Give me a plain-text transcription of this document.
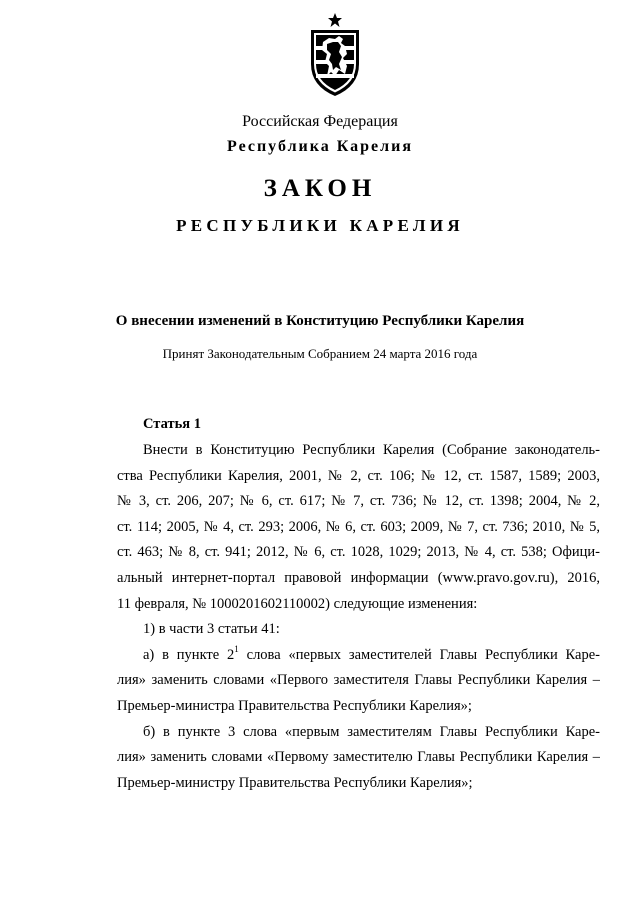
Российская Федерация
Республика Карелия
ЗАКОН
РЕСПУБЛИКИ КАРЕЛИЯ
О внесении изменений в Конституцию Республики Карелия
Принят Законодательным Собранием 24 марта 2016 года
Статья 1
Внести в Конституцию Республики Карелия (Собрание законодатель-
ства Республики Карелия, 2001, № 2, ст. 106; № 12, ст. 1587, 1589; 2003,
№ 3, ст. 206, 207; № 6, ст. 617; № 7, ст. 736; № 12, ст. 1398; 2004, № 2,
ст. 114; 2005, № 4, ст. 293; 2006, № 6, ст. 603; 2009, № 7, ст. 736; 2010, № 5,
ст. 463; № 8, ст. 941; 2012, № 6, ст. 1028, 1029; 2013, № 4, ст. 538; Офици-
альный интернет-портал правовой информации (www.pravo.gov.ru), 2016,
11 февраля, № 1000201602110002) следующие изменения:
1) в части 3 статьи 41:
а) в пункте $2^1$ слова «первых заместителей Главы Республики Каре-
лия» заменить словами «Первого заместителя Главы Республики Карелия –
Премьер-министра Правительства Республики Карелия»;
б) в пункте 3 слова «первым заместителям Главы Республики Каре-
лия» заменить словами «Первому заместителю Главы Республики Карелия –
Премьер-министру Правительства Республики Карелия»;
